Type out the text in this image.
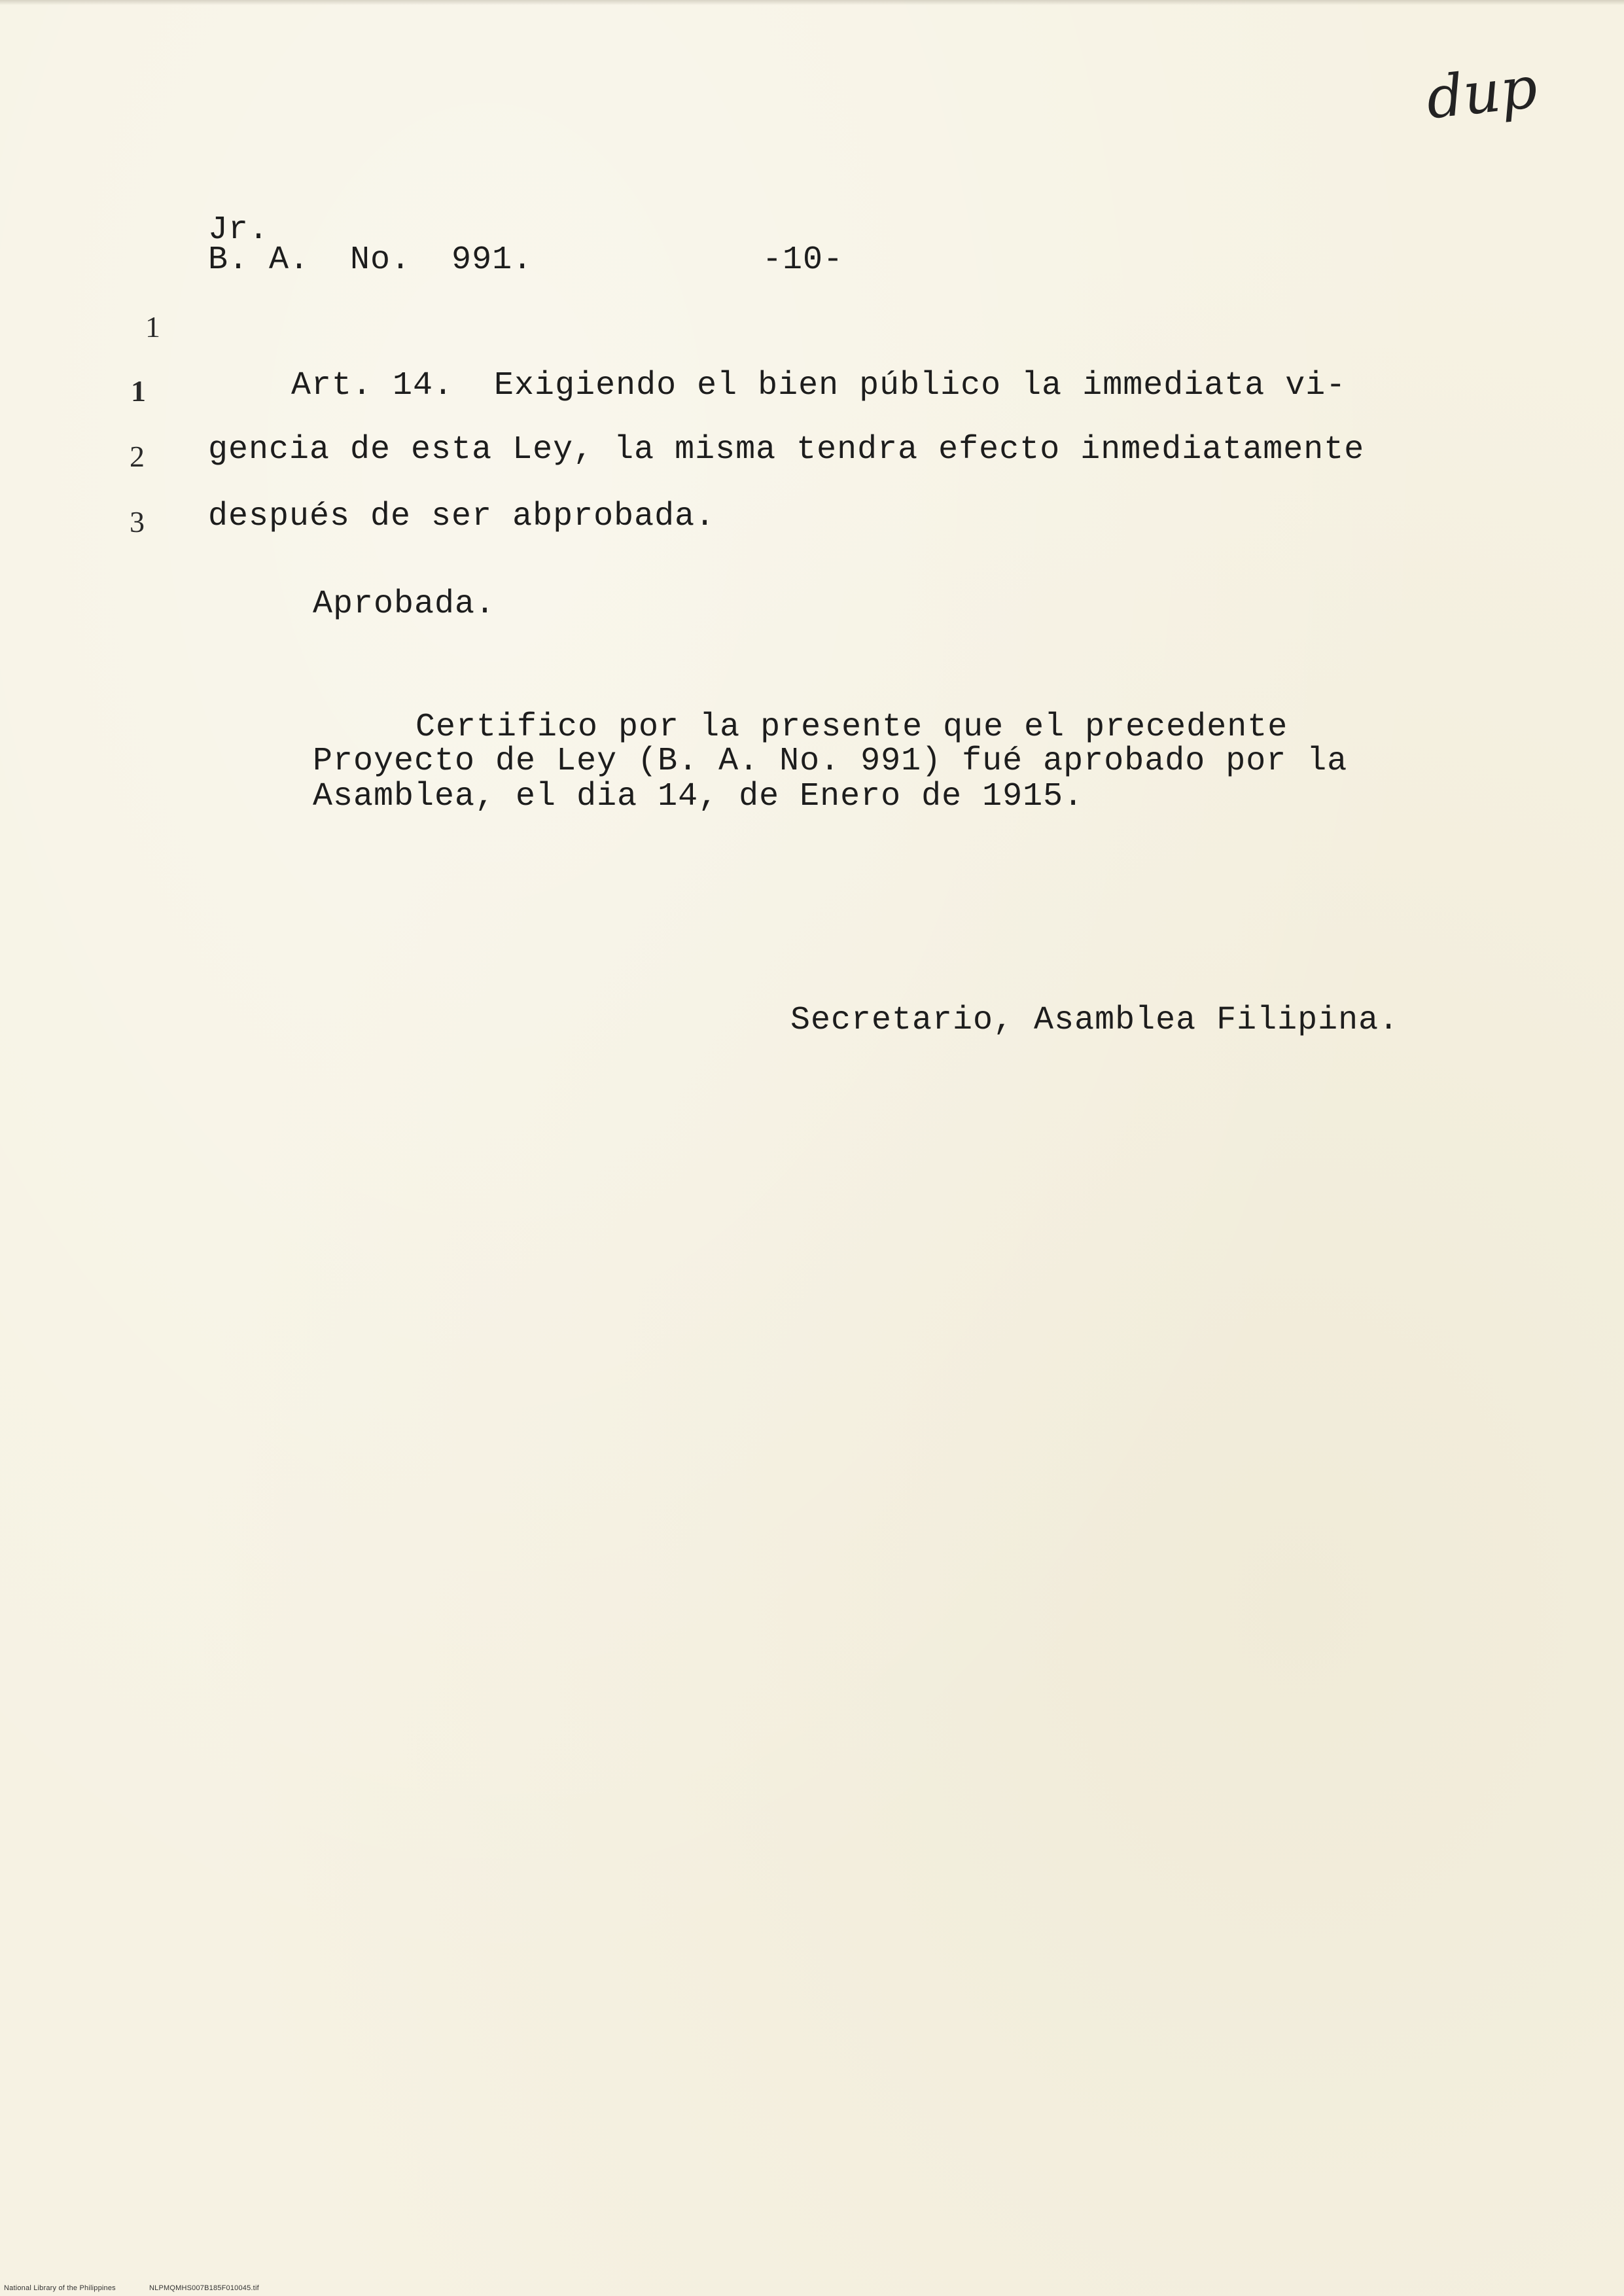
dup
Jr.
B. A.  No.  991.	-10-
1
1
2
3
Art. 14.  Exigiendo el bien público la immediata vi-
gencia de esta Ley, la misma tendra efecto inmediatamente
después de ser abprobada.
Aprobada.
Certifico por la presente que el precedente
Proyecto de Ley (B. A. No. 991) fué aprobado por la
Asamblea, el dia 14, de Enero de 1915.
Secretario, Asamblea Filipina.
National Library of the Philippines	NLPMQMHS007B185F010045.tif
